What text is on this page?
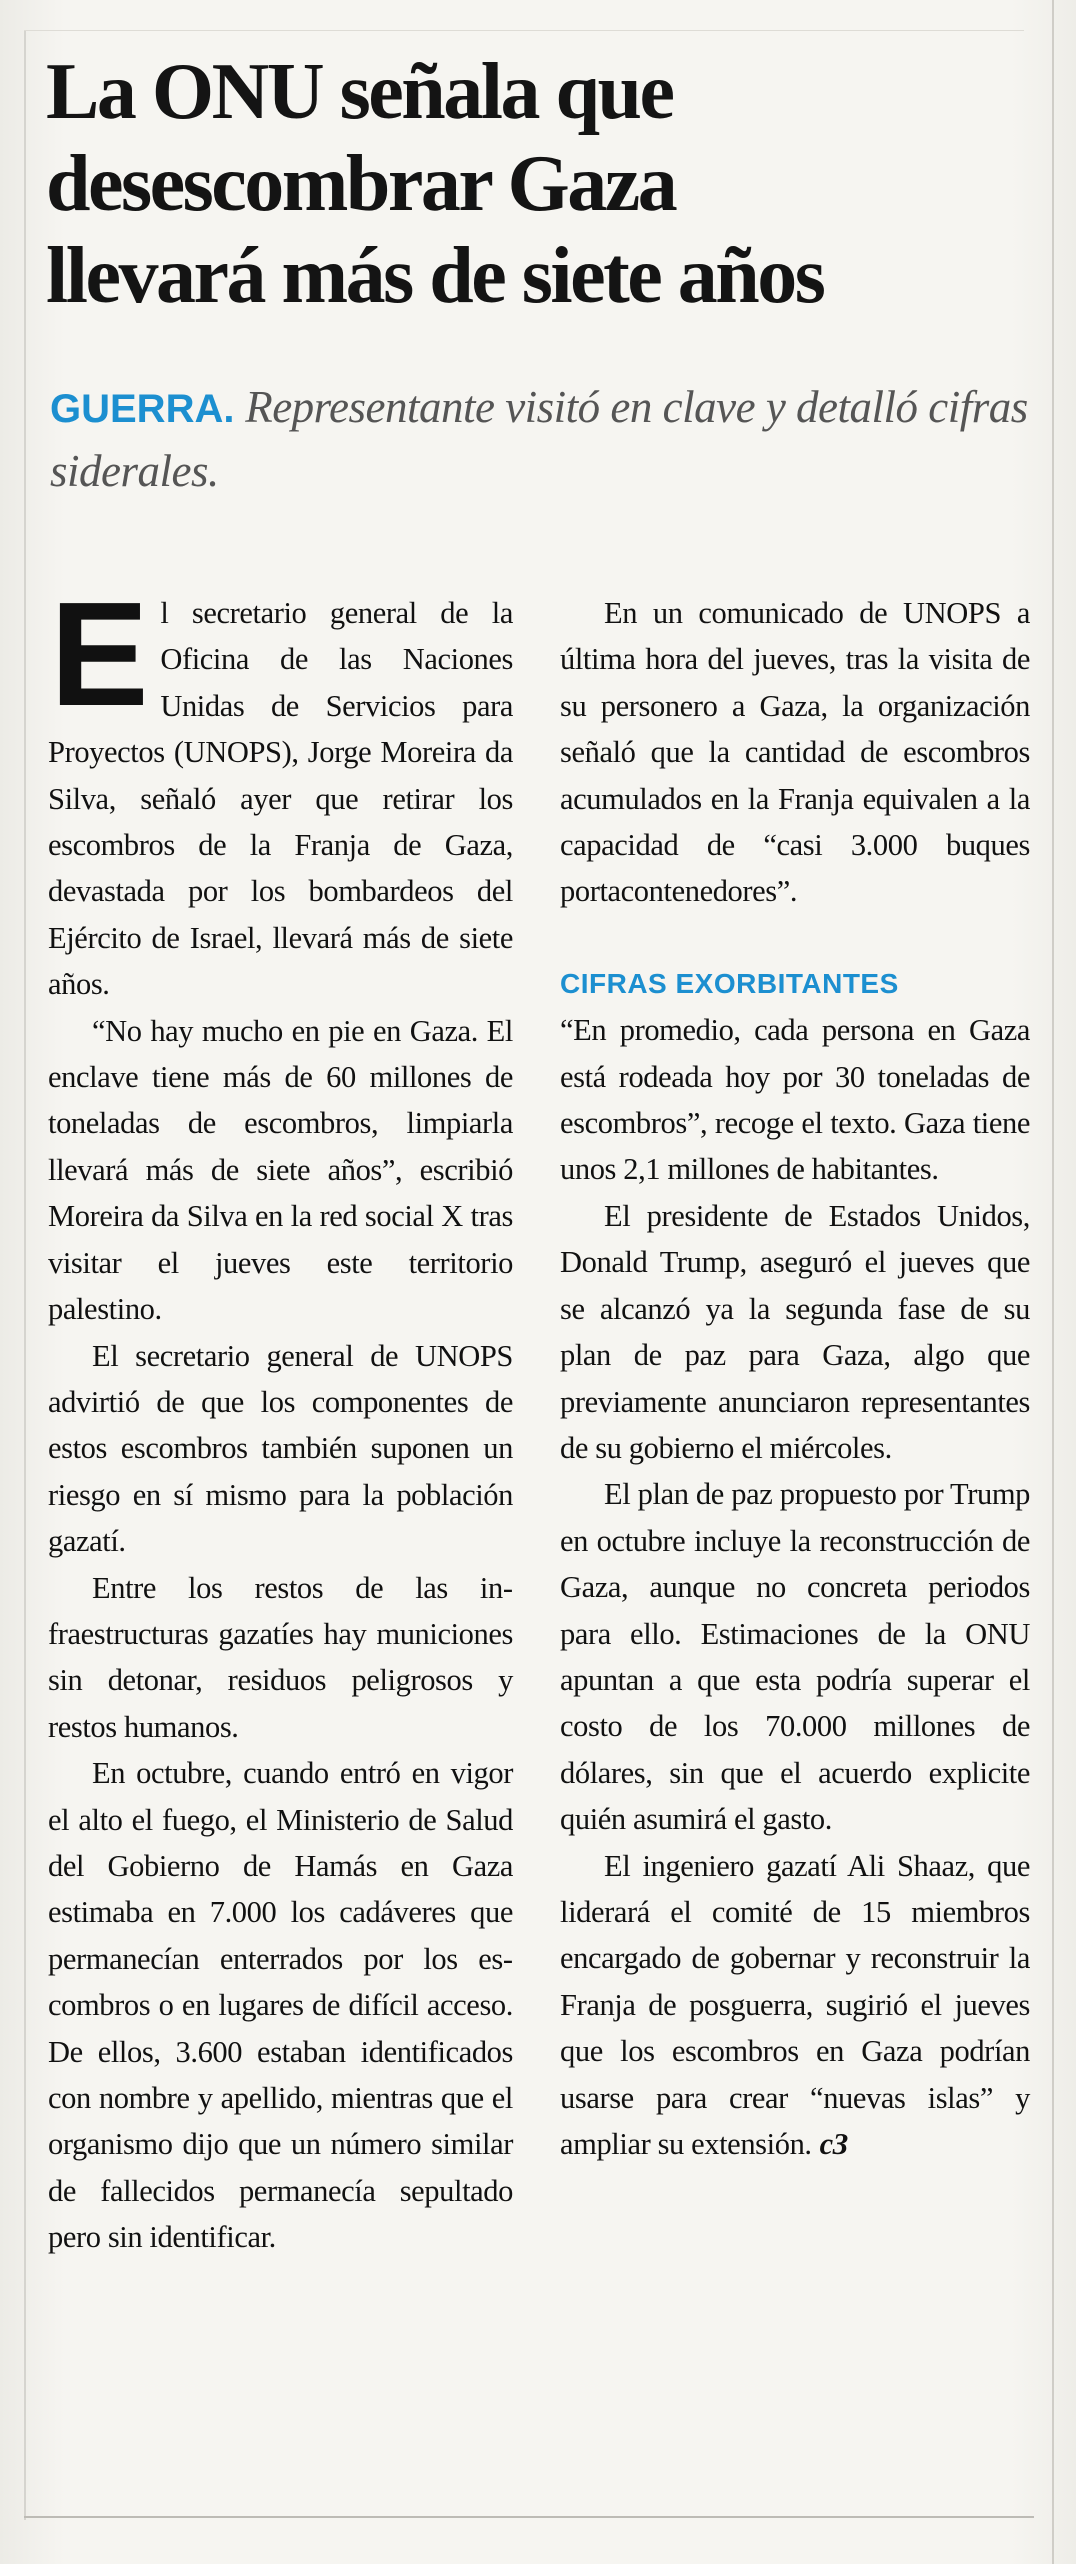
La ONU señala que
desescombrar Gaza
llevará más de siete años
GUERRA. Representante visitó en clave y detalló cifras siderales.

El secretario general de la Oficina de las Naciones Unidas de Servicios para Proyectos (UNOPS), Jorge Moreira da Silva, señaló ayer que retirar los escombros de la Franja de Gaza, devastada por los bombardeos del Ejército de Israel, llevará más de siete años.

“No hay mucho en pie en Gaza. El enclave tiene más de 60 millones de toneladas de escombros, limpiarla llevará más de siete años”, escribió Moreira da Silva en la red social X tras visitar el jueves este territorio palestino.

El secretario general de UNOPS advirtió de que los componentes de estos escombros también suponen un riesgo en sí mismo para la población gazatí.

Entre los restos de las infraestructuras gazatíes hay municiones sin detonar, residuos peligrosos y restos humanos.

En octubre, cuando entró en vigor el alto el fuego, el Ministerio de Salud del Gobierno de Hamás en Gaza estimaba en 7.000 los cadáveres que permanecían enterrados por los escombros o en lugares de difícil acceso. De ellos, 3.600 estaban identificados con nombre y apellido, mientras que el organismo dijo que un número similar de fallecidos permanecía sepultado pero sin identificar.

En un comunicado de UNOPS a última hora del jueves, tras la visita de su personero a Gaza, la organización señaló que la cantidad de escombros acumulados en la Franja equivalen a la capacidad de “casi 3.000 buques portacontenedores”.

CIFRAS EXORBITANTES

“En promedio, cada persona en Gaza está rodeada hoy por 30 toneladas de escombros”, recoge el texto. Gaza tiene unos 2,1 millones de habitantes.

El presidente de Estados Unidos, Donald Trump, aseguró el jueves que se alcanzó ya la segunda fase de su plan de paz para Gaza, algo que previamente anunciaron representantes de su gobierno el miércoles.

El plan de paz propuesto por Trump en octubre incluye la reconstrucción de Gaza, aunque no concreta periodos para ello. Estimaciones de la ONU apuntan a que esta podría superar el costo de los 70.000 millones de dólares, sin que el acuerdo explicite quién asumirá el gasto.

El ingeniero gazatí Ali Shaaz, que liderará el comité de 15 miembros encargado de gobernar y reconstruir la Franja de posguerra, sugirió el jueves que los escombros en Gaza podrían usarse para crear “nuevas islas” y ampliar su extensión. cЗ
